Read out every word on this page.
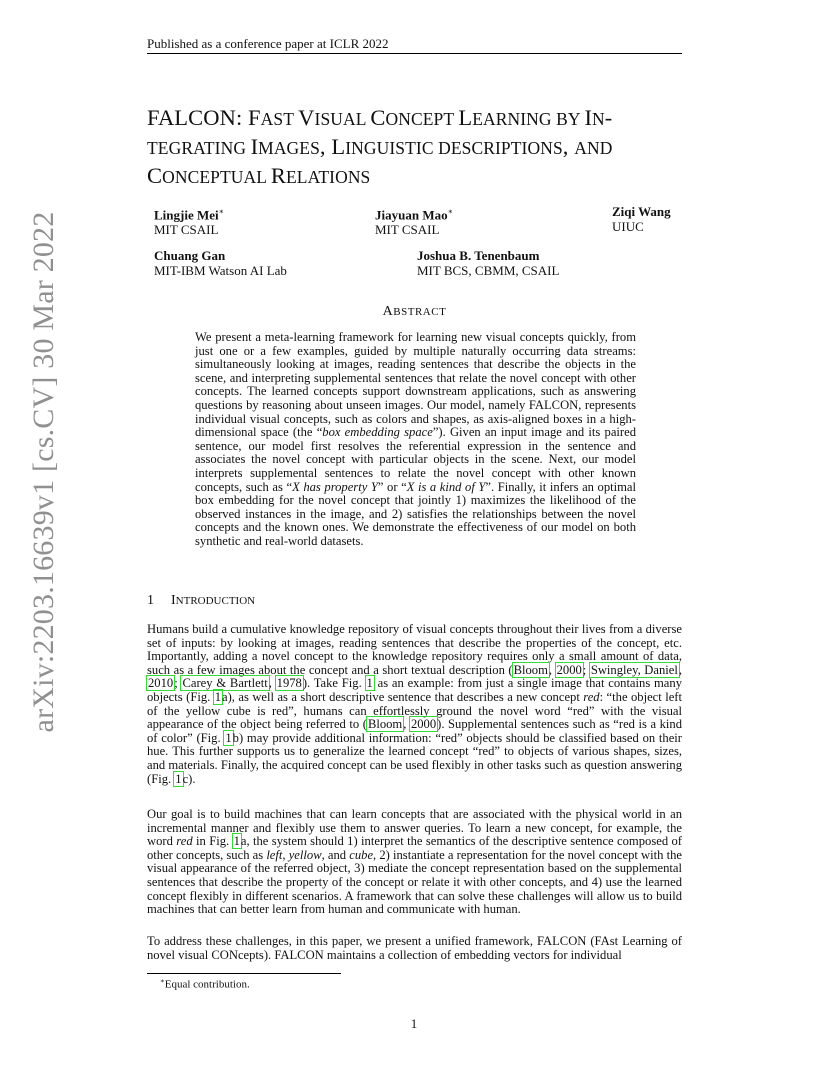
arXiv:2203.16639v1 [cs.CV] 30 Mar 2022
Published as a conference paper at ICLR 2022
FALCON: FAST VISUAL CONCEPT LEARNING BY IN-
TEGRATING IMAGES, LINGUISTIC DESCRIPTIONS, AND
CONCEPTUAL RELATIONS
Lingjie Mei∗
MIT CSAIL
Jiayuan Mao∗
MIT CSAIL
Ziqi Wang
UIUC
Chuang Gan
MIT-IBM Watson AI Lab
Joshua B. Tenenbaum
MIT BCS, CBMM, CSAIL
ABSTRACT
We present a meta-learning framework for learning new visual concepts quickly, from just one or a few examples, guided by multiple naturally occurring data streams: simultaneously looking at images, reading sentences that describe the objects in the scene, and interpreting supplemental sentences that relate the novel concept with other concepts. The learned concepts support downstream applications, such as answering questions by reasoning about unseen images. Our model, namely FALCON, represents individual visual concepts, such as colors and shapes, as axis-aligned boxes in a high-dimensional space (the “box embedding space”). Given an input image and its paired sentence, our model first resolves the referential expression in the sentence and associates the novel concept with particular objects in the scene. Next, our model interprets supplemental sentences to relate the novel concept with other known concepts, such as “X has property Y” or “X is a kind of Y”. Finally, it infers an optimal box embedding for the novel concept that jointly 1) maximizes the likelihood of the observed instances in the image, and 2) satisfies the relationships between the novel concepts and the known ones. We demonstrate the effectiveness of our model on both synthetic and real-world datasets.
1 INTRODUCTION
Humans build a cumulative knowledge repository of visual concepts throughout their lives from a diverse set of inputs: by looking at images, reading sentences that describe the properties of the concept, etc. Importantly, adding a novel concept to the knowledge repository requires only a small amount of data, such as a few images about the concept and a short textual description (Bloom, 2000; Swingley, Daniel, 2010; Carey & Bartlett, 1978). Take Fig. 1 as an example: from just a single image that contains many objects (Fig. 1a), as well as a short descriptive sentence that describes a new concept red: “the object left of the yellow cube is red”, humans can effortlessly ground the novel word “red” with the visual appearance of the object being referred to (Bloom, 2000). Supplemental sentences such as “red is a kind of color” (Fig. 1b) may provide additional information: “red” objects should be classified based on their hue. This further supports us to generalize the learned concept “red” to objects of various shapes, sizes, and materials. Finally, the acquired concept can be used flexibly in other tasks such as question answering (Fig. 1c).
Our goal is to build machines that can learn concepts that are associated with the physical world in an incremental manner and flexibly use them to answer queries. To learn a new concept, for example, the word red in Fig. 1a, the system should 1) interpret the semantics of the descriptive sentence composed of other concepts, such as left, yellow, and cube, 2) instantiate a representation for the novel concept with the visual appearance of the referred object, 3) mediate the concept representation based on the supplemental sentences that describe the property of the concept or relate it with other concepts, and 4) use the learned concept flexibly in different scenarios. A framework that can solve these challenges will allow us to build machines that can better learn from human and communicate with human.
To address these challenges, in this paper, we present a unified framework, FALCON (FAst Learning of novel visual CONcepts). FALCON maintains a collection of embedding vectors for individual
∗Equal contribution.
1
